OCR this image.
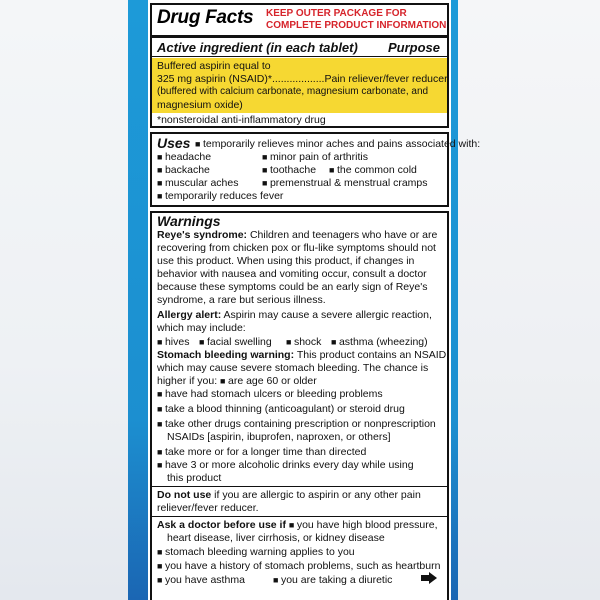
Drug Facts KEEP OUTER PACKAGE FOR
COMPLETE PRODUCT INFORMATION
Active ingredient (in each tablet) Purpose
Buffered aspirin equal to
325 mg aspirin (NSAID)*..................Pain reliever/fever reducer
(buffered with calcium carbonate, magnesium carbonate, and
magnesium oxide)
*nonsteroidal anti-inflammatory drug
Uses ■ temporarily relieves minor aches and pains associated with:
■ headache	■ minor pain of arthritis
■ backache	■ toothache ■ the common cold
■ muscular aches	■ premenstrual & menstrual cramps
■ temporarily reduces fever
Warnings
Reye's syndrome: Children and teenagers who have or are
recovering from chicken pox or flu-like symptoms should not
use this product. When using this product, if changes in
behavior with nausea and vomiting occur, consult a doctor
because these symptoms could be an early sign of Reye's
syndrome, a rare but serious illness.
Allergy alert: Aspirin may cause a severe allergic reaction,
which may include:
■ hives ■ facial swelling ■ shock ■ asthma (wheezing)
Stomach bleeding warning: This product contains an NSAID,
which may cause severe stomach bleeding. The chance is
higher if you: ■ are age 60 or older
■ have had stomach ulcers or bleeding problems
■ take a blood thinning (anticoagulant) or steroid drug
■ take other drugs containing prescription or nonprescription
NSAIDs [aspirin, ibuprofen, naproxen, or others]
■ take more or for a longer time than directed
■ have 3 or more alcoholic drinks every day while using
this product
Do not use if you are allergic to aspirin or any other pain
reliever/fever reducer.
Ask a doctor before use if ■ you have high blood pressure,
heart disease, liver cirrhosis, or kidney disease
■ stomach bleeding warning applies to you
■ you have a history of stomach problems, such as heartburn
■ you have asthma	■ you are taking a diuretic
